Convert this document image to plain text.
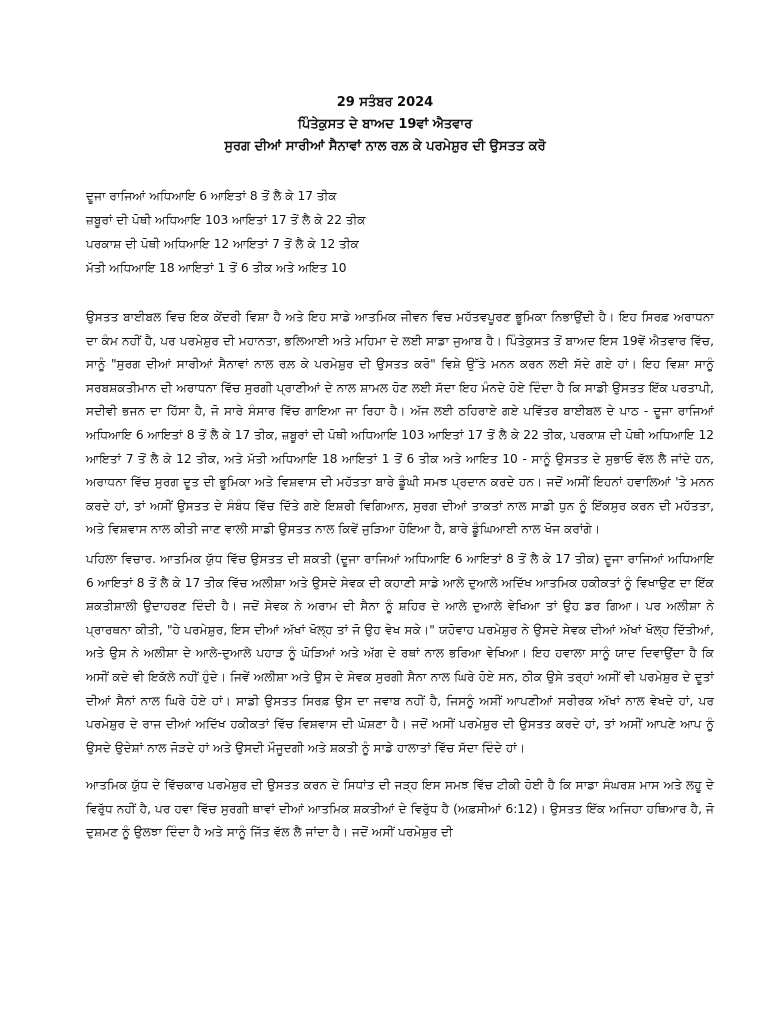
29 ਸਤੰਬਰ 2024
ਪਿੰਤੇਕੁਸਤ ਦੇ ਬਾਅਦ 19ਵਾਂ ਐਤਵਾਰ
ਸੁਰਗ ਦੀਆਂ ਸਾਰੀਆਂ ਸੈਨਾਵਾਂ ਨਾਲ ਰਲ਼ ਕੇ ਪਰਮੇਸ਼ੁਰ ਦੀ ਉਸਤਤ ਕਰੋ
ਦੂਜਾ ਰਾਜਿਆਂ ਅਧਿਆਇ 6 ਆਇਤਾਂ 8 ਤੋਂ ਲੈ ਕੇ 17 ਤੀਕ
ਜ਼ਬੂਰਾਂ ਦੀ ਪੋਥੀ ਅਧਿਆਇ 103 ਆਇਤਾਂ 17 ਤੋਂ ਲੈ ਕੇ 22 ਤੀਕ
ਪਰਕਾਸ਼ ਦੀ ਪੋਥੀ ਅਧਿਆਇ 12 ਆਇਤਾਂ 7 ਤੋਂ ਲੈ ਕੇ 12 ਤੀਕ
ਮੱਤੀ ਅਧਿਆਇ 18 ਆਇਤਾਂ 1 ਤੋਂ 6 ਤੀਕ ਅਤੇ ਅਇਤ 10

ਉਸਤਤ ਬਾਈਬਲ ਵਿਚ ਇਕ ਕੇਂਦਰੀ ਵਿਸ਼ਾ ਹੈ ਅਤੇ ਇਹ ਸਾਡੇ ਆਤਮਿਕ ਜੀਵਨ ਵਿਚ ਮਹੱਤਵਪੂਰਣ ਭੂਮਿਕਾ ਨਿਭਾਉਂਦੀ ਹੈ। ਇਹ ਸਿਰਫ਼ ਅਰਾਧਨਾ ਦਾ ਕੰਮ ਨਹੀਂ ਹੈ, ਪਰ ਪਰਮੇਸ਼ੁਰ ਦੀ ਮਹਾਨਤਾ, ਭਲਿਆਈ ਅਤੇ ਮਹਿਮਾ ਦੇ ਲਈ ਸਾਡਾ ਜੁਆਬ ਹੈ। ਪਿੰਤੇਕੁਸਤ ਤੋਂ ਬਾਅਦ ਇਸ 19ਵੇਂ ਐਤਵਾਰ ਵਿੱਚ, ਸਾਨੂੰ "ਸੁਰਗ ਦੀਆਂ ਸਾਰੀਆਂ ਸੈਨਾਵਾਂ ਨਾਲ ਰਲ਼ ਕੇ ਪਰਮੇਸ਼ੁਰ ਦੀ ਉਸਤਤ ਕਰੋ" ਵਿਸ਼ੇ ਉੱਤੇ ਮਨਨ ਕਰਨ ਲਈ ਸੱਦੇ ਗਏ ਹਾਂ। ਇਹ ਵਿਸ਼ਾ ਸਾਨੂੰ ਸਰਬਸ਼ਕਤੀਮਾਨ ਦੀ ਅਰਾਧਨਾ ਵਿੱਚ ਸੁਰਗੀ ਪ੍ਰਾਣੀਆਂ ਦੇ ਨਾਲ ਸ਼ਾਮਲ ਹੋਣ ਲਈ ਸੱਦਾ ਇਹ ਮੰਨਦੇ ਹੋਏ ਦਿੰਦਾ ਹੈ ਕਿ ਸਾਡੀ ਉਸਤਤ ਇੱਕ ਪਰਤਾਪੀ, ਸਦੀਵੀ ਭਜਨ ਦਾ ਹਿੱਸਾ ਹੈ, ਜੋ ਸਾਰੇ ਸੰਸਾਰ ਵਿੱਚ ਗਾਇਆ ਜਾ ਰਿਹਾ ਹੈ। ਅੱਜ ਲਈ ਠਹਿਰਾਏ ਗਏ ਪਵਿੱਤਰ ਬਾਈਬਲ ਦੇ ਪਾਠ - ਦੂਜਾ ਰਾਜਿਆਂ ਅਧਿਆਇ 6 ਆਇਤਾਂ 8 ਤੋਂ ਲੈ ਕੇ 17 ਤੀਕ, ਜ਼ਬੂਰਾਂ ਦੀ ਪੋਥੀ ਅਧਿਆਇ 103 ਆਇਤਾਂ 17 ਤੋਂ ਲੈ ਕੇ 22 ਤੀਕ, ਪਰਕਾਸ਼ ਦੀ ਪੋਥੀ ਅਧਿਆਇ 12 ਆਇਤਾਂ 7 ਤੋਂ ਲੈ ਕੇ 12 ਤੀਕ, ਅਤੇ ਮੱਤੀ ਅਧਿਆਇ 18 ਆਇਤਾਂ 1 ਤੋਂ 6 ਤੀਕ ਅਤੇ ਆਇਤ 10 - ਸਾਨੂੰ ਉਸਤਤ ਦੇ ਸੁਭਾਓ ਵੱਲ ਲੈ ਜਾਂਦੇ ਹਨ, ਅਰਾਧਨਾ ਵਿੱਚ ਸੁਰਗ ਦੂਤ ਦੀ ਭੂਮਿਕਾ ਅਤੇ ਵਿਸ਼ਵਾਸ ਦੀ ਮਹੱਤਤਾ ਬਾਰੇ ਡੂੰਘੀ ਸਮਝ ਪ੍ਰਦਾਨ ਕਰਦੇ ਹਨ। ਜਦੋਂ ਅਸੀਂ ਇਹਨਾਂ ਹਵਾਲਿਆਂ 'ਤੇ ਮਨਨ ਕਰਦੇ ਹਾਂ, ਤਾਂ ਅਸੀਂ ਉਸਤਤ ਦੇ ਸੰਬੰਧ ਵਿੱਚ ਦਿੱਤੇ ਗਏ ਇਸ਼ਰੀ ਵਿਗਿਆਨ, ਸੁਰਗ ਦੀਆਂ ਤਾਕਤਾਂ ਨਾਲ ਸਾਡੀ ਧੁਨ ਨੂੰ ਇੱਕਸੁਰ ਕਰਨ ਦੀ ਮਹੱਤਤਾ, ਅਤੇ ਵਿਸ਼ਵਾਸ ਨਾਲ ਕੀਤੀ ਜਾਣ ਵਾਲੀ ਸਾਡੀ ਉਸਤਤ ਨਾਲ ਕਿਵੇਂ ਜੁੜਿਆ ਹੋਇਆ ਹੈ, ਬਾਰੇ ਡੂੰਘਿਆਈ ਨਾਲ ਖੋਜ ਕਰਾਂਗੇ।

ਪਹਿਲਾ ਵਿਚਾਰ. ਆਤਮਿਕ ਯੁੱਧ ਵਿੱਚ ਉਸਤਤ ਦੀ ਸ਼ਕਤੀ (ਦੂਜਾ ਰਾਜਿਆਂ ਅਧਿਆਇ 6 ਆਇਤਾਂ 8 ਤੋਂ ਲੈ ਕੇ 17 ਤੀਕ) ਦੂਜਾ ਰਾਜਿਆਂ ਅਧਿਆਇ 6 ਆਇਤਾਂ 8 ਤੋਂ ਲੈ ਕੇ 17 ਤੀਕ ਵਿੱਚ ਅਲੀਸ਼ਾ ਅਤੇ ਉਸਦੇ ਸੇਵਕ ਦੀ ਕਹਾਣੀ ਸਾਡੇ ਆਲੇ ਦੁਆਲੇ ਅਦਿੱਖ ਆਤਮਿਕ ਹਕੀਕਤਾਂ ਨੂੰ ਵਿਖਾਉਣ ਦਾ ਇੱਕ ਸ਼ਕਤੀਸ਼ਾਲੀ ਉਦਾਹਰਣ ਦਿੰਦੀ ਹੈ। ਜਦੋਂ ਸੇਵਕ ਨੇ ਅਰਾਮ ਦੀ ਸੈਨਾ ਨੂੰ ਸ਼ਹਿਰ ਦੇ ਆਲੇ ਦੁਆਲੇ ਵੇਖਿਆ ਤਾਂ ਉਹ ਡਰ ਗਿਆ। ਪਰ ਅਲੀਸ਼ਾ ਨੇ ਪ੍ਰਾਰਥਨਾ ਕੀਤੀ, "ਹੇ ਪਰਮੇਸ਼ੁਰ, ਇਸ ਦੀਆਂ ਅੱਖਾਂ ਖੋਲ੍ਹ ਤਾਂ ਜੋ ਉਹ ਵੇਖ ਸਕੇ।" ਯਹੋਵਾਹ ਪਰਮੇਸ਼ੁਰ ਨੇ ਉਸਦੇ ਸੇਵਕ ਦੀਆਂ ਅੱਖਾਂ ਖੋਲ੍ਹ ਦਿੱਤੀਆਂ, ਅਤੇ ਉਸ ਨੇ ਅਲੀਸ਼ਾ ਦੇ ਆਲੇ-ਦੁਆਲੇ ਪਹਾੜ ਨੂੰ ਘੋੜਿਆਂ ਅਤੇ ਅੱਗ ਦੇ ਰਥਾਂ ਨਾਲ ਭਰਿਆ ਵੇਖਿਆ। ਇਹ ਹਵਾਲਾ ਸਾਨੂੰ ਯਾਦ ਦਿਵਾਉਂਦਾ ਹੈ ਕਿ ਅਸੀਂ ਕਦੇ ਵੀ ਇਕੱਲੇ ਨਹੀਂ ਹੁੰਦੇ। ਜਿਵੇਂ ਅਲੀਸ਼ਾ ਅਤੇ ਉਸ ਦੇ ਸੇਵਕ ਸੁਰਗੀ ਸੈਨਾ ਨਾਲ ਘਿਰੇ ਹੋਏ ਸਨ, ਠੀਕ ਉਸੇ ਤਰ੍ਹਾਂ ਅਸੀਂ ਵੀ ਪਰਮੇਸ਼ੁਰ ਦੇ ਦੂਤਾਂ ਦੀਆਂ ਸੈਨਾਂ ਨਾਲ ਘਿਰੇ ਹੋਏ ਹਾਂ। ਸਾਡੀ ਉਸਤਤ ਸਿਰਫ਼ ਉਸ ਦਾ ਜਵਾਬ ਨਹੀਂ ਹੈ, ਜਿਸਨੂੰ ਅਸੀਂ ਆਪਣੀਆਂ ਸਰੀਰਕ ਅੱਖਾਂ ਨਾਲ ਵੇਖਦੇ ਹਾਂ, ਪਰ ਪਰਮੇਸ਼ੁਰ ਦੇ ਰਾਜ ਦੀਆਂ ਅਦਿੱਖ ਹਕੀਕਤਾਂ ਵਿੱਚ ਵਿਸ਼ਵਾਸ ਦੀ ਘੋਸ਼ਣਾ ਹੈ। ਜਦੋਂ ਅਸੀਂ ਪਰਮੇਸ਼ੁਰ ਦੀ ਉਸਤਤ ਕਰਦੇ ਹਾਂ, ਤਾਂ ਅਸੀਂ ਆਪਣੇ ਆਪ ਨੂੰ ਉਸਦੇ ਉਦੇਸ਼ਾਂ ਨਾਲ ਜੋੜਦੇ ਹਾਂ ਅਤੇ ਉਸਦੀ ਮੌਜੂਦਗੀ ਅਤੇ ਸ਼ਕਤੀ ਨੂੰ ਸਾਡੇ ਹਾਲਾਤਾਂ ਵਿੱਚ ਸੱਦਾ ਦਿੰਦੇ ਹਾਂ।

ਆਤਮਿਕ ਯੁੱਧ ਦੇ ਵਿੱਚਕਾਰ ਪਰਮੇਸ਼ੁਰ ਦੀ ਉਸਤਤ ਕਰਨ ਦੇ ਸਿਧਾਂਤ ਦੀ ਜੜ੍ਹ ਇਸ ਸਮਝ ਵਿੱਚ ਟੀਕੀ ਹੋਈ ਹੈ ਕਿ ਸਾਡਾ ਸੰਘਰਸ਼ ਮਾਸ ਅਤੇ ਲਹੂ ਦੇ ਵਿਰੁੱਧ ਨਹੀਂ ਹੈ, ਪਰ ਹਵਾ ਵਿੱਚ ਸੁਰਗੀ ਥਾਵਾਂ ਦੀਆਂ ਆਤਮਿਕ ਸ਼ਕਤੀਆਂ ਦੇ ਵਿਰੁੱਧ ਹੈ (ਅਫ਼ਸੀਆਂ 6:12)। ਉਸਤਤ ਇੱਕ ਅਜਿਹਾ ਹਥਿਆਰ ਹੈ, ਜੋ ਦੁਸ਼ਮਣ ਨੂੰ ਉਲਝਾ ਦਿੰਦਾ ਹੈ ਅਤੇ ਸਾਨੂੰ ਜਿੱਤ ਵੱਲ ਲੈ ਜਾਂਦਾ ਹੈ। ਜਦੋਂ ਅਸੀਂ ਪਰਮੇਸ਼ੁਰ ਦੀ
